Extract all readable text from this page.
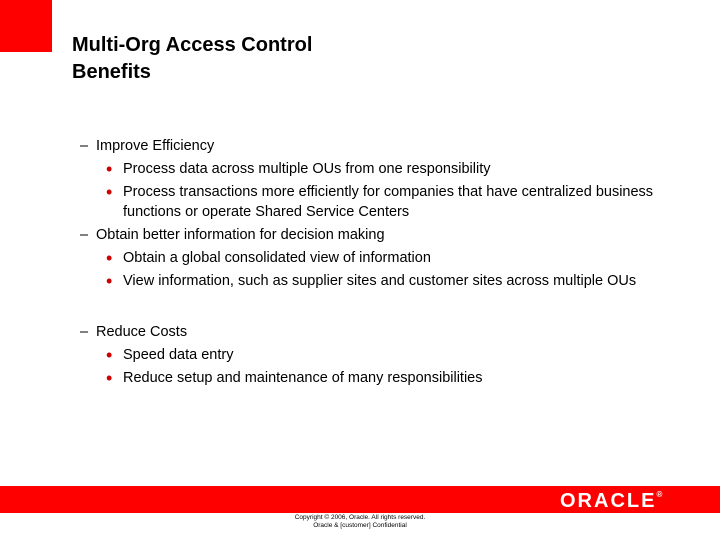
Multi-Org Access Control
Benefits
– Improve Efficiency
• Process data across multiple OUs from one responsibility
• Process transactions more efficiently for companies that have centralized business functions or operate Shared Service Centers
– Obtain better information for decision making
• Obtain a global consolidated view of information
• View information, such as supplier sites and customer sites across multiple OUs
– Reduce Costs
• Speed data entry
• Reduce setup and maintenance of many responsibilities
ORACLE®
Copyright © 2006, Oracle. All rights reserved.
Oracle & [customer] Confidential
